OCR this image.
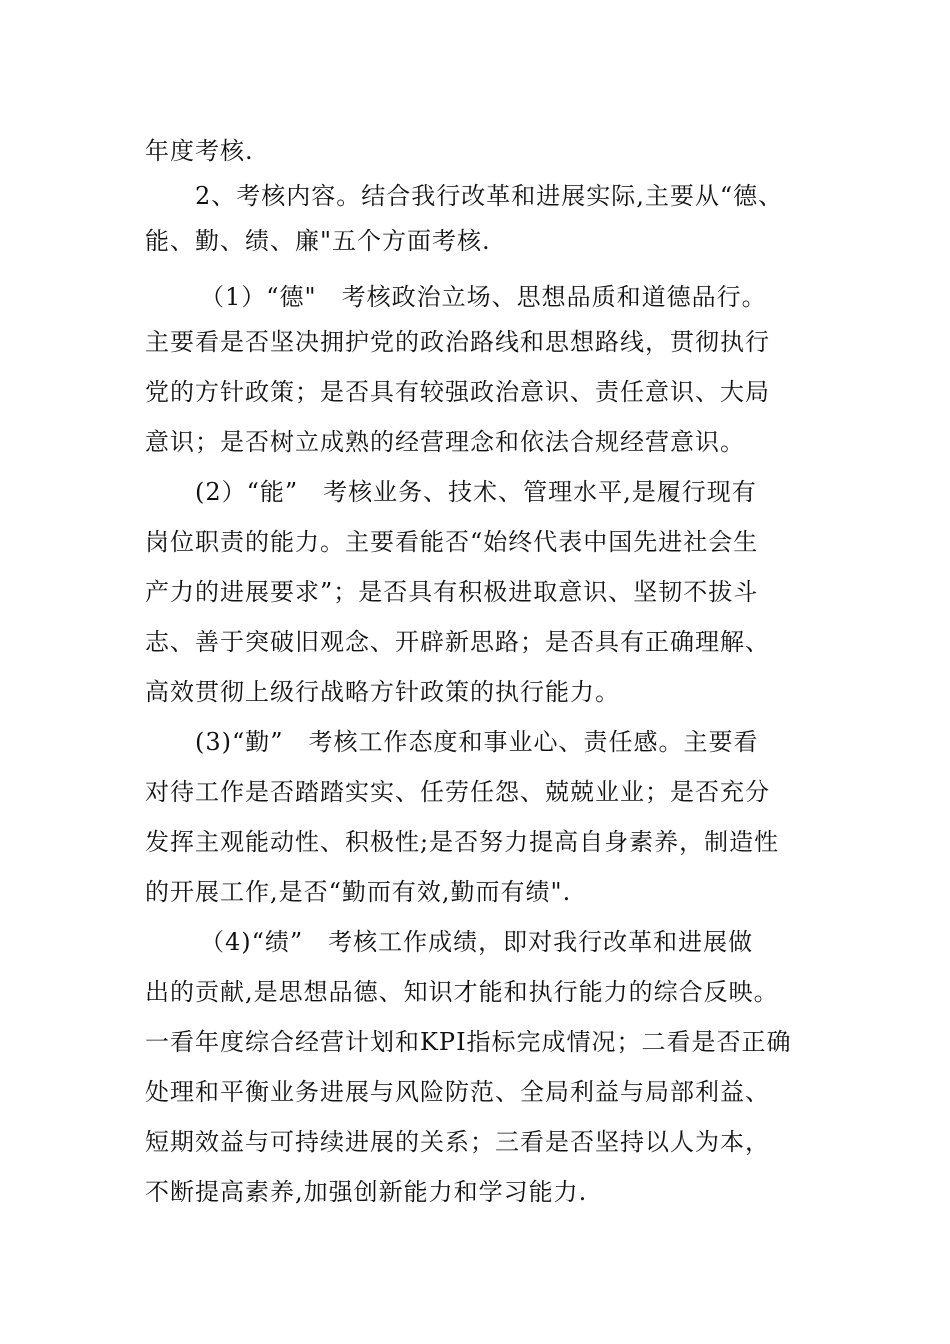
年度考核.
2、考核内容。结合我行改革和进展实际,主要从“德、
能、勤、绩、廉"五个方面考核.
（1）“德"　考核政治立场、思想品质和道德品行。
主要看是否坚决拥护党的政治路线和思想路线，贯彻执行
党的方针政策；是否具有较强政治意识、责任意识、大局
意识；是否树立成熟的经营理念和依法合规经营意识。
(2）“能”　考核业务、技术、管理水平,是履行现有
岗位职责的能力。主要看能否“始终代表中国先进社会生
产力的进展要求”；是否具有积极进取意识、坚韧不拔斗
志、善于突破旧观念、开辟新思路；是否具有正确理解、
高效贯彻上级行战略方针政策的执行能力。
(3)“勤”　考核工作态度和事业心、责任感。主要看
对待工作是否踏踏实实、任劳任怨、兢兢业业；是否充分
发挥主观能动性、积极性;是否努力提高自身素养，制造性
的开展工作,是否“勤而有效,勤而有绩".
（4)“绩”　考核工作成绩，即对我行改革和进展做
出的贡献,是思想品德、知识才能和执行能力的综合反映。
一看年度综合经营计划和KPI指标完成情况；二看是否正确
处理和平衡业务进展与风险防范、全局利益与局部利益、
短期效益与可持续进展的关系；三看是否坚持以人为本，
不断提高素养,加强创新能力和学习能力.
